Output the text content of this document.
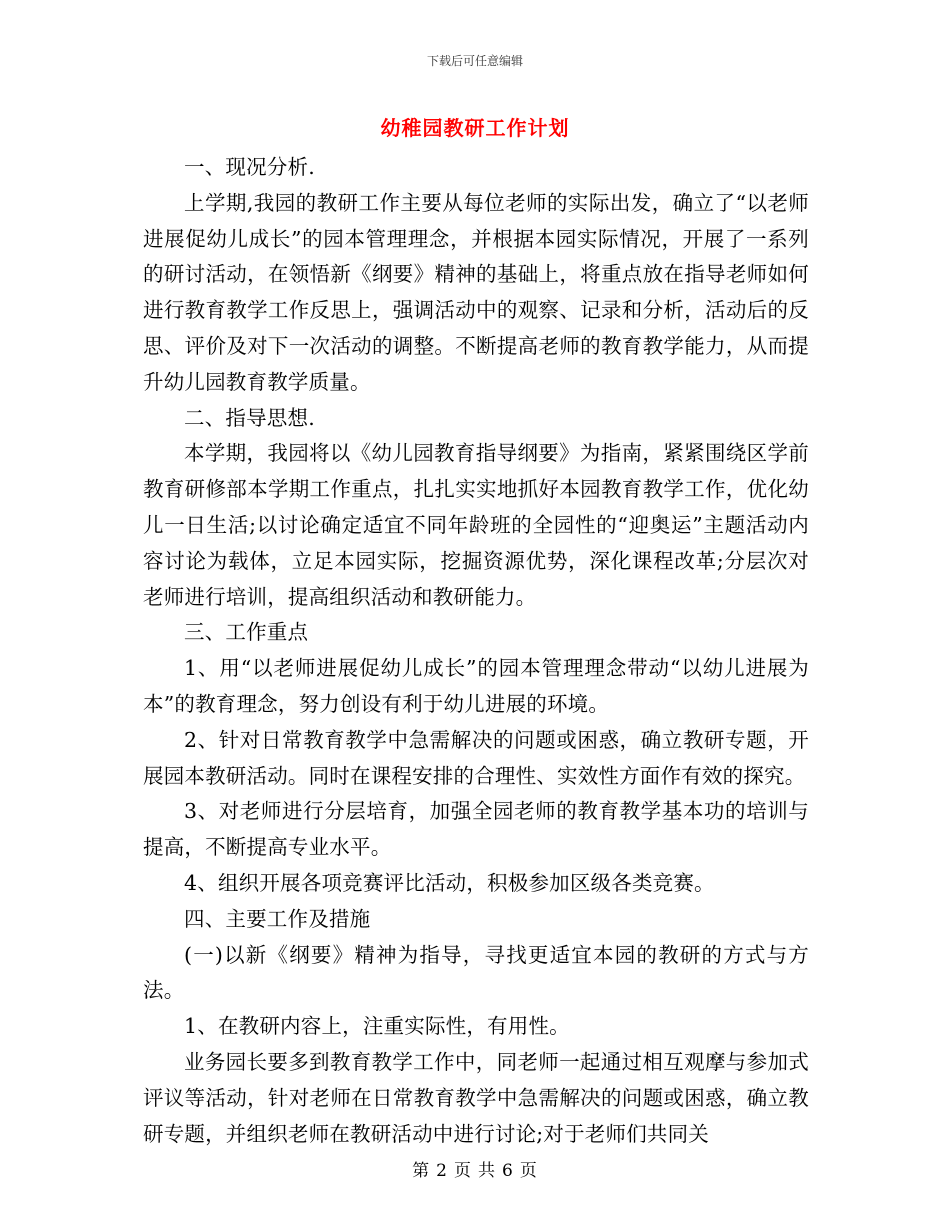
下载后可任意编辑
幼稚园教研工作计划

一、现况分析.

上学期,我园的教研工作主要从每位老师的实际出发，确立了“以老师进展促幼儿成长”的园本管理理念，并根据本园实际情况，开展了一系列的研讨活动，在领悟新《纲要》精神的基础上，将重点放在指导老师如何进行教育教学工作反思上，强调活动中的观察、记录和分析，活动后的反思、评价及对下一次活动的调整。不断提高老师的教育教学能力，从而提升幼儿园教育教学质量。

二、指导思想.

本学期，我园将以《幼儿园教育指导纲要》为指南，紧紧围绕区学前教育研修部本学期工作重点，扎扎实实地抓好本园教育教学工作，优化幼儿一日生活;以讨论确定适宜不同年龄班的全园性的“迎奥运”主题活动内容讨论为载体，立足本园实际，挖掘资源优势，深化课程改革;分层次对老师进行培训，提高组织活动和教研能力。

三、工作重点

1、用“以老师进展促幼儿成长”的园本管理理念带动“以幼儿进展为本”的教育理念，努力创设有利于幼儿进展的环境。

2、针对日常教育教学中急需解决的问题或困惑，确立教研专题，开展园本教研活动。同时在课程安排的合理性、实效性方面作有效的探究。

3、对老师进行分层培育，加强全园老师的教育教学基本功的培训与提高，不断提高专业水平。

4、组织开展各项竞赛评比活动，积极参加区级各类竞赛。

四、主要工作及措施

(一)以新《纲要》精神为指导，寻找更适宜本园的教研的方式与方法。

1、在教研内容上，注重实际性，有用性。

业务园长要多到教育教学工作中，同老师一起通过相互观摩与参加式评议等活动，针对老师在日常教育教学中急需解决的问题或困惑，确立教研专题，并组织老师在教研活动中进行讨论;对于老师们共同关

第 2 页 共 6 页
